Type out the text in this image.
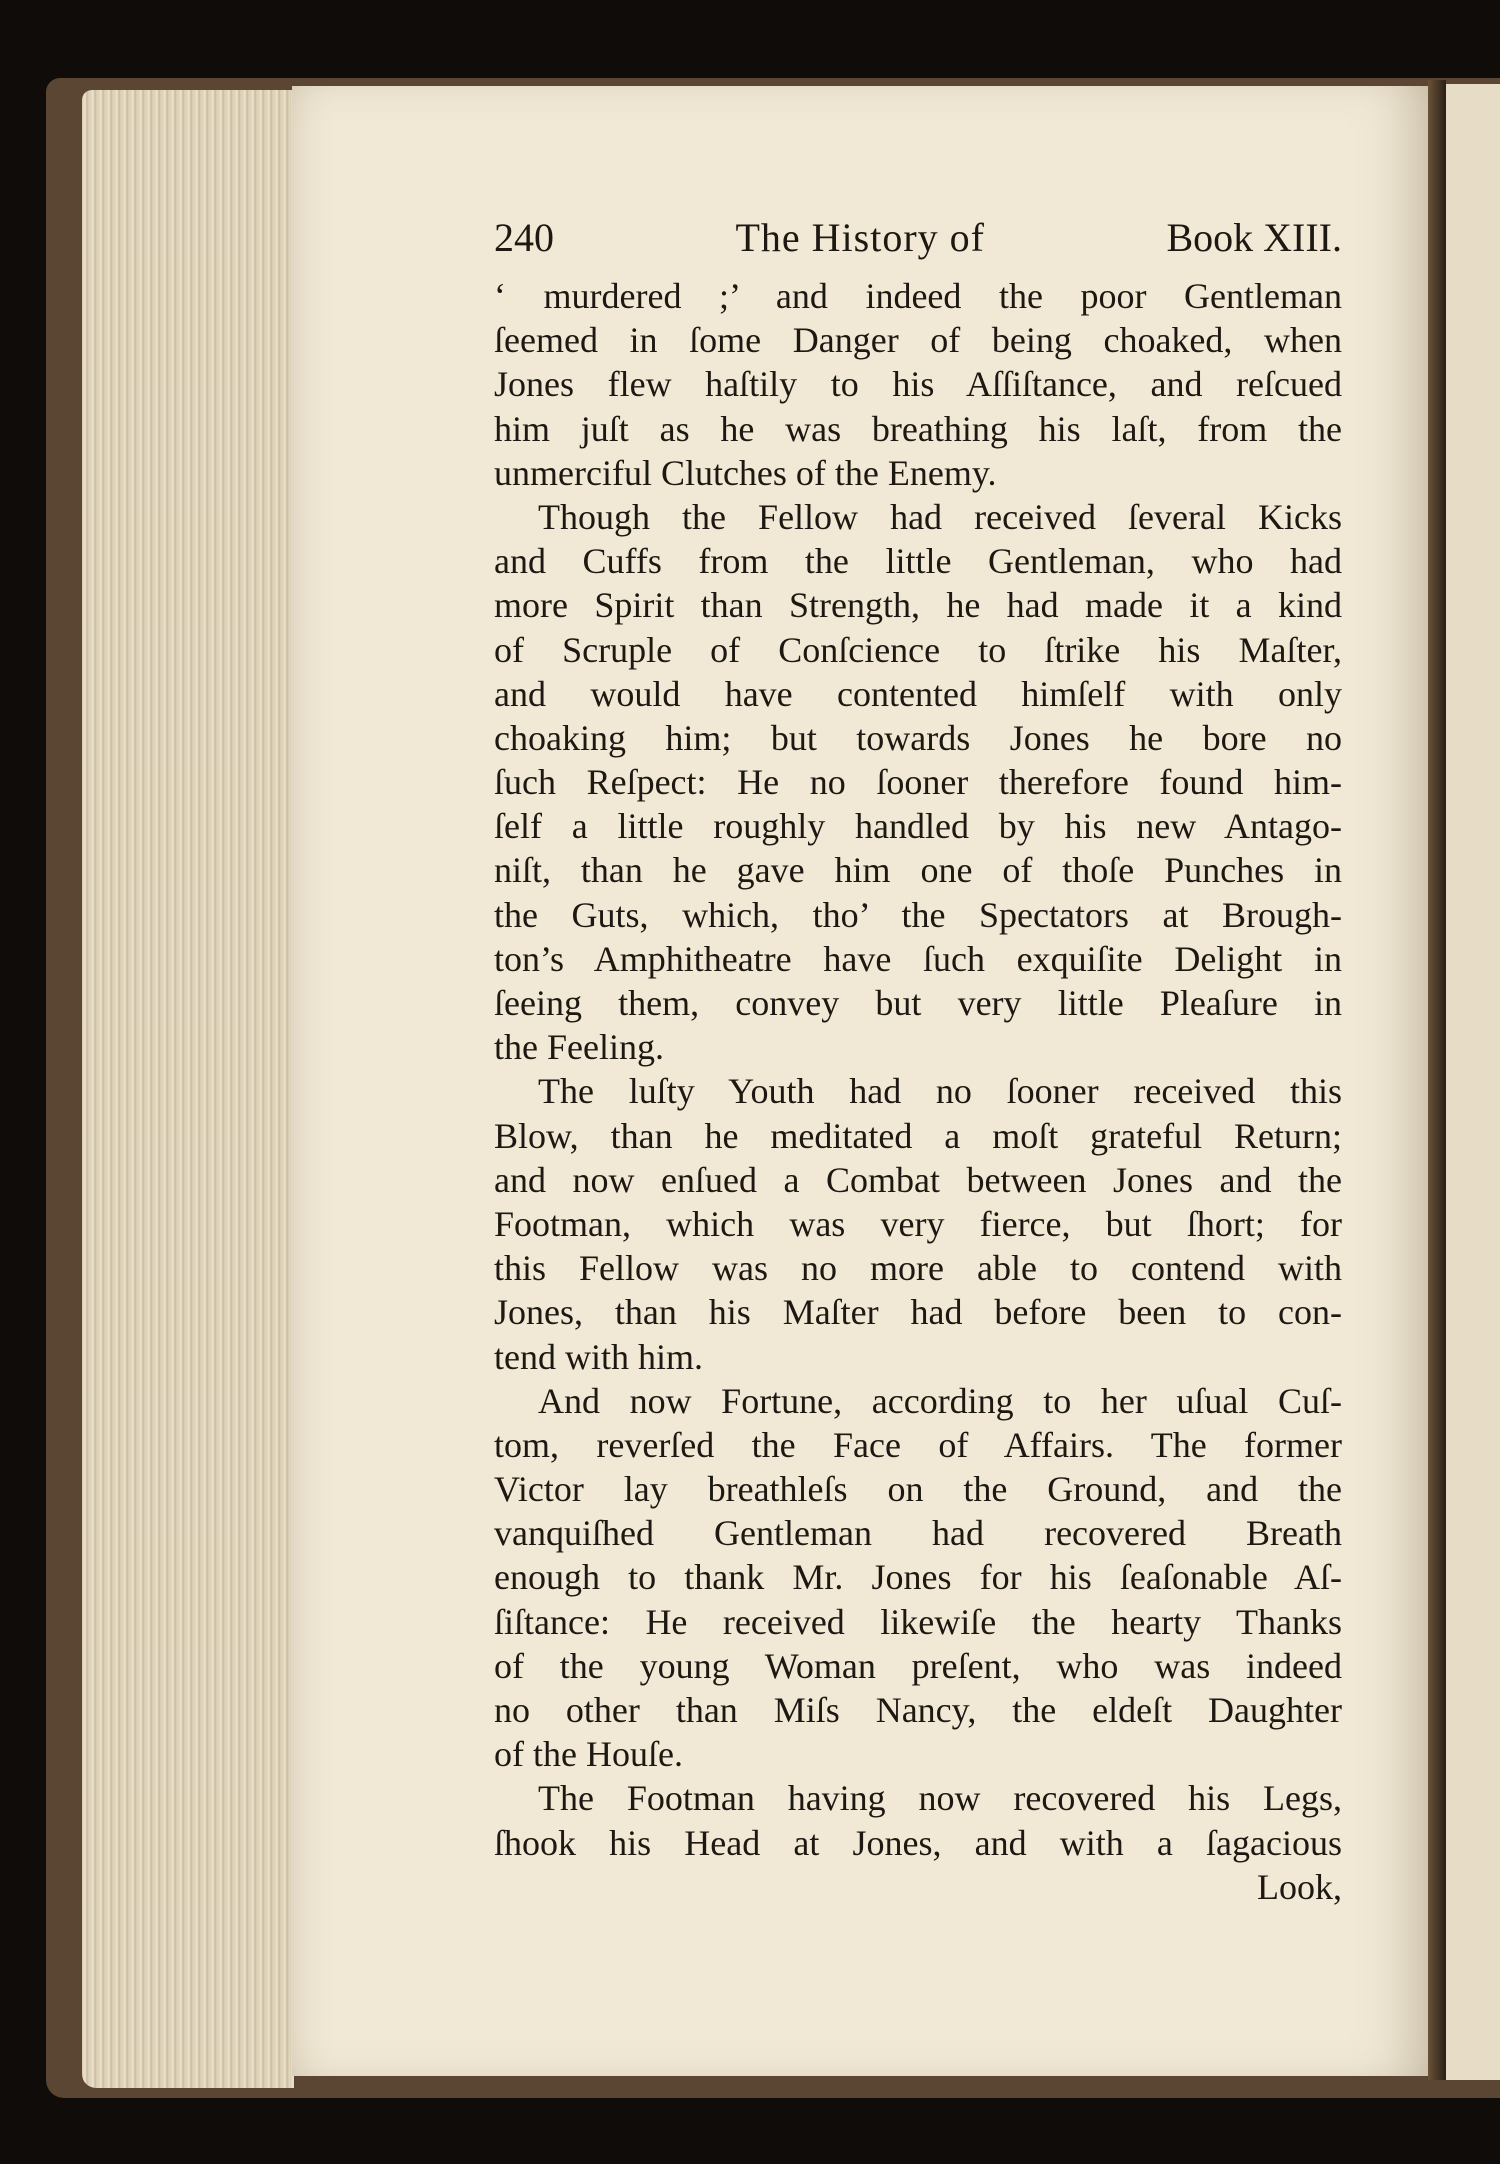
240	The History of	Book XIII.
‘ murdered ;’ and indeed the poor Gentleman
ſeemed in ſome Danger of being choaked, when
Jones flew haſtily to his Aſſiſtance, and reſcued
him juſt as he was breathing his laſt, from the
unmerciful Clutches of the Enemy.
Though the Fellow had received ſeveral Kicks
and Cuffs from the little Gentleman, who had
more Spirit than Strength, he had made it a kind
of Scruple of Conſcience to ſtrike his Maſter,
and would have contented himſelf with only
choaking him; but towards Jones he bore no
ſuch Reſpect: He no ſooner therefore found him-
ſelf a little roughly handled by his new Antago-
niſt, than he gave him one of thoſe Punches in
the Guts, which, tho’ the Spectators at Brough-
ton’s Amphitheatre have ſuch exquiſite Delight in
ſeeing them, convey but very little Pleaſure in
the Feeling.
The luſty Youth had no ſooner received this
Blow, than he meditated a moſt grateful Return;
and now enſued a Combat between Jones and the
Footman, which was very fierce, but ſhort; for
this Fellow was no more able to contend with
Jones, than his Maſter had before been to con-
tend with him.
And now Fortune, according to her uſual Cuſ-
tom, reverſed the Face of Affairs. The former
Victor lay breathleſs on the Ground, and the
vanquiſhed Gentleman had recovered Breath
enough to thank Mr. Jones for his ſeaſonable Aſ-
ſiſtance: He received likewiſe the hearty Thanks
of the young Woman preſent, who was indeed
no other than Miſs Nancy, the eldeſt Daughter
of the Houſe.
The Footman having now recovered his Legs,
ſhook his Head at Jones, and with a ſagacious
Look,
